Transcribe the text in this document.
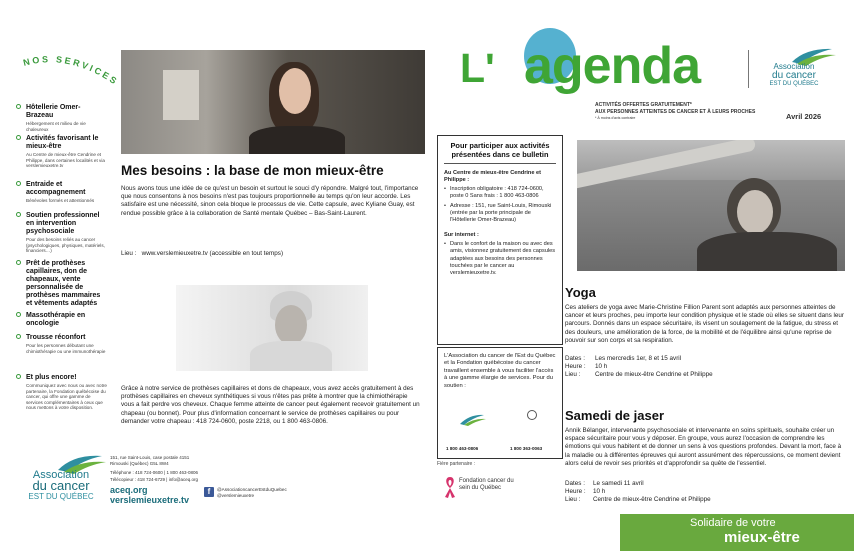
NOS SERVICES
Hôtellerie Omer-Brazeau
Hébergement et milieu de vie chaleureux
Activités favorisant le mieux-être
Au Centre de mieux-être Cendrine et Philippe, dans certaines localités et via verslemieuxetre.tv
Entraide et accompagnement
Bénévoles formés et attentionnés
Soutien professionnel en intervention psychosociale
Pour des besoins reliés au cancer (psychologiques, physiques, matériels, financiers…)
Prêt de prothèses capillaires, don de chapeaux, vente personnalisée de prothèses mammaires et vêtements adaptés
Massothérapie en oncologie
Trousse réconfort
Pour les personnes débutant une chimiothérapie ou une immunothérapie
Et plus encore!
Communiquez avec nous ou avec notre partenaire, la Fondation québécoise du cancer, qui offre une gamme de services complémentaires à ceux que nous mettons à votre disposition.
Association
du cancer
EST DU QUÉBEC
151, rue Saint-Louis, case postale 4151
Rimouski (Québec) G5L 8W4
Téléphone : 418 724-0600 | 1 800 463-0806
Télécopieur : 418 724-6729 | info@aceq.org
aceq.org
verslemieuxetre.tv
f	@AssociationcancerEstduQuebec
@verslemieuxetre
Mes besoins : la base de mon mieux-être
Nous avons tous une idée de ce qu'est un besoin et surtout le souci d'y répondre. Malgré tout, l'importance que nous consentons à nos besoins n'est pas toujours proportionnelle au temps qu'on leur accorde. Les satisfaire est une nécessité, sinon cela bloque le processus de vie. Cette capsule, avec Kyliane Guay, est rendue possible grâce à la collaboration de Santé mentale Québec – Bas-Saint-Laurent.
Lieu : www.verslemieuxetre.tv (accessible en tout temps)
Grâce à notre service de prothèses capillaires et dons de chapeaux, vous avez accès gratuitement à des prothèses capillaires en cheveux synthétiques si vous n'êtes pas prête à montrer que la chimiothérapie vous a fait perdre vos cheveux. Chaque femme atteinte de cancer peut également recevoir gratuitement un chapeau (ou bonnet). Pour plus d'information concernant le service de prothèses capillaires ou pour demander votre chapeau : 418 724-0600, poste 2218, ou 1 800 463-0806.
Pour participer aux activités présentées dans ce bulletin
Au Centre de mieux-être Cendrine et Philippe :
• Inscription obligatoire : 418 724-0600, poste 0 Sans frais : 1 800 463-0806
• Adresse : 151, rue Saint-Louis, Rimouski (entrée par la porte principale de l'Hôtellerie Omer-Brazeau)
Sur internet :
• Dans le confort de la maison ou avec des amis, visionnez gratuitement des capsules adaptées aux besoins des personnes touchées par le cancer au verslemieuxetre.tv.
L'Association du cancer de l'Est du Québec et la Fondation québécoise du cancer travaillent ensemble à vous faciliter l'accès à une gamme élargie de services. Pour du soutien :
1 800 463-0806	1 800 363-0063
Fière partenaire :
Fondation cancer du sein du Québec
L' agenda	Association
du cancer
EST DU QUÉBEC
ACTIVITÉS OFFERTES GRATUITEMENT*
AUX PERSONNES ATTEINTES DE CANCER ET À LEURS PROCHES
* À moins d'avis contraire	Avril 2026
Yoga
Ces ateliers de yoga avec Marie-Christine Fillion Parent sont adaptés aux personnes atteintes de cancer et leurs proches, peu importe leur condition physique et le stade où elles se situent dans leur parcours. Donnés dans un espace sécuritaire, ils visent un soulagement de la fatigue, du stress et des douleurs, une amélioration de la force, de la mobilité et de l'équilibre ainsi qu'une reprise de pouvoir sur son corps et sa respiration.
Dates : Les mercredis 1er, 8 et 15 avril
Heure : 10 h
Lieu : Centre de mieux-être Cendrine et Philippe
Samedi de jaser
Annik Bélanger, intervenante psychosociale et intervenante en soins spirituels, souhaite créer un espace sécuritaire pour vous y déposer. En groupe, vous aurez l'occasion de comprendre les émotions qui vous habitent et de donner un sens à vos questions profondes. Devant la mort, face à la maladie ou à différentes épreuves qui auront assurément des répercussions, ce moment devient alors celui de revoir ses priorités et d'approfondir sa quête de l'essentiel.
Dates : Le samedi 11 avril
Heure : 10 h
Lieu : Centre de mieux-être Cendrine et Philippe
Solidaire de votre
mieux-être
